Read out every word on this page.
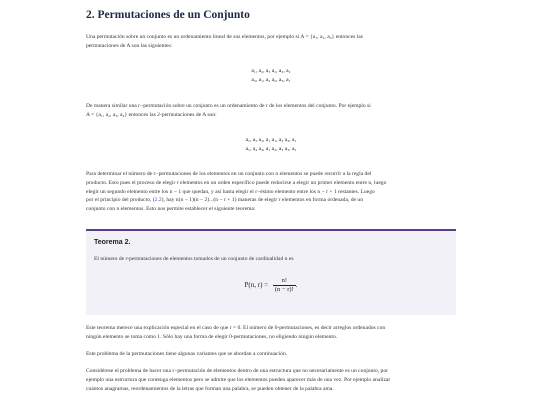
2. Permutaciones de un Conjunto
Una permutación sobre un conjunto es un ordenamiento lineal de sus elementos, por ejemplo si A = {a₁, a₂, a₃} entonces las
permutaciones de A son las siguientes:
a₁, a₂, a₃ a₁, a₃, a₂
a₃, a₁, a₂ a₂, a₃, a₁
De manera similar una r−permutación sobre un conjunto es un ordenamiento de r de los elementos del conjunto. Por ejemplo si
A = {a₁, a₂, a₃, a₄} entonces las 2-permutaciones de A son:
a₁, a₂ a₂, a₁ a₁, a₃ a₃, a₁
a₁, a₄ a₄, a₁ a₂, a₃ a₃, a₂
Para determinar el número de r−permutaciones de los elementos en un conjunto con n elementos se puede recurrir a la regla del
producto. Esto pues el proceso de elegir r elementos en un orden específico puede reducirse a elegir un primer elemento entre n, luego
elegir un segundo elemento entre los n − 1 que quedan, y así hasta elegir el r−ésimo elemento entre los n − r + 1 restantes. Luego
por el principio del producto, (2.2), hay n(n − 1)(n − 2)...(n − r + 1) maneras de elegir r elementos en forma ordenada, de un
conjunto con n elementos. Esto nos permite establecer el siguiente teorema:
Teorema 2.
El número de r-permutaciones de elementos tomados de un conjunto de cardinalidad n es
P(n, $r) = \frac{n!}{(n - r)!}$ .
Este teorema merece una explicación especial en el caso de que r = 0. El número de 0-permutaciones, es decir arreglos ordenados con
ningún elemento se toma como 1. Sólo hay una forma de elegir 0-permutaciones, no eligiendo ningún elemento.
Este problema de la permutaciones tiene algunas variantes que se abordan a continuación.
Considérese el problema de hacer una r−permutación de elementos dentro de una estructura que no necesariamente es un conjunto, por
ejemplo una estructura que contenga elementos pero se admite que los elementos pueden aparecer más de una vez. Por ejemplo analizar
cuántos anagramas, reordenamientos de la letras que forman una palabra, se pueden obtener de la palabra ama.
